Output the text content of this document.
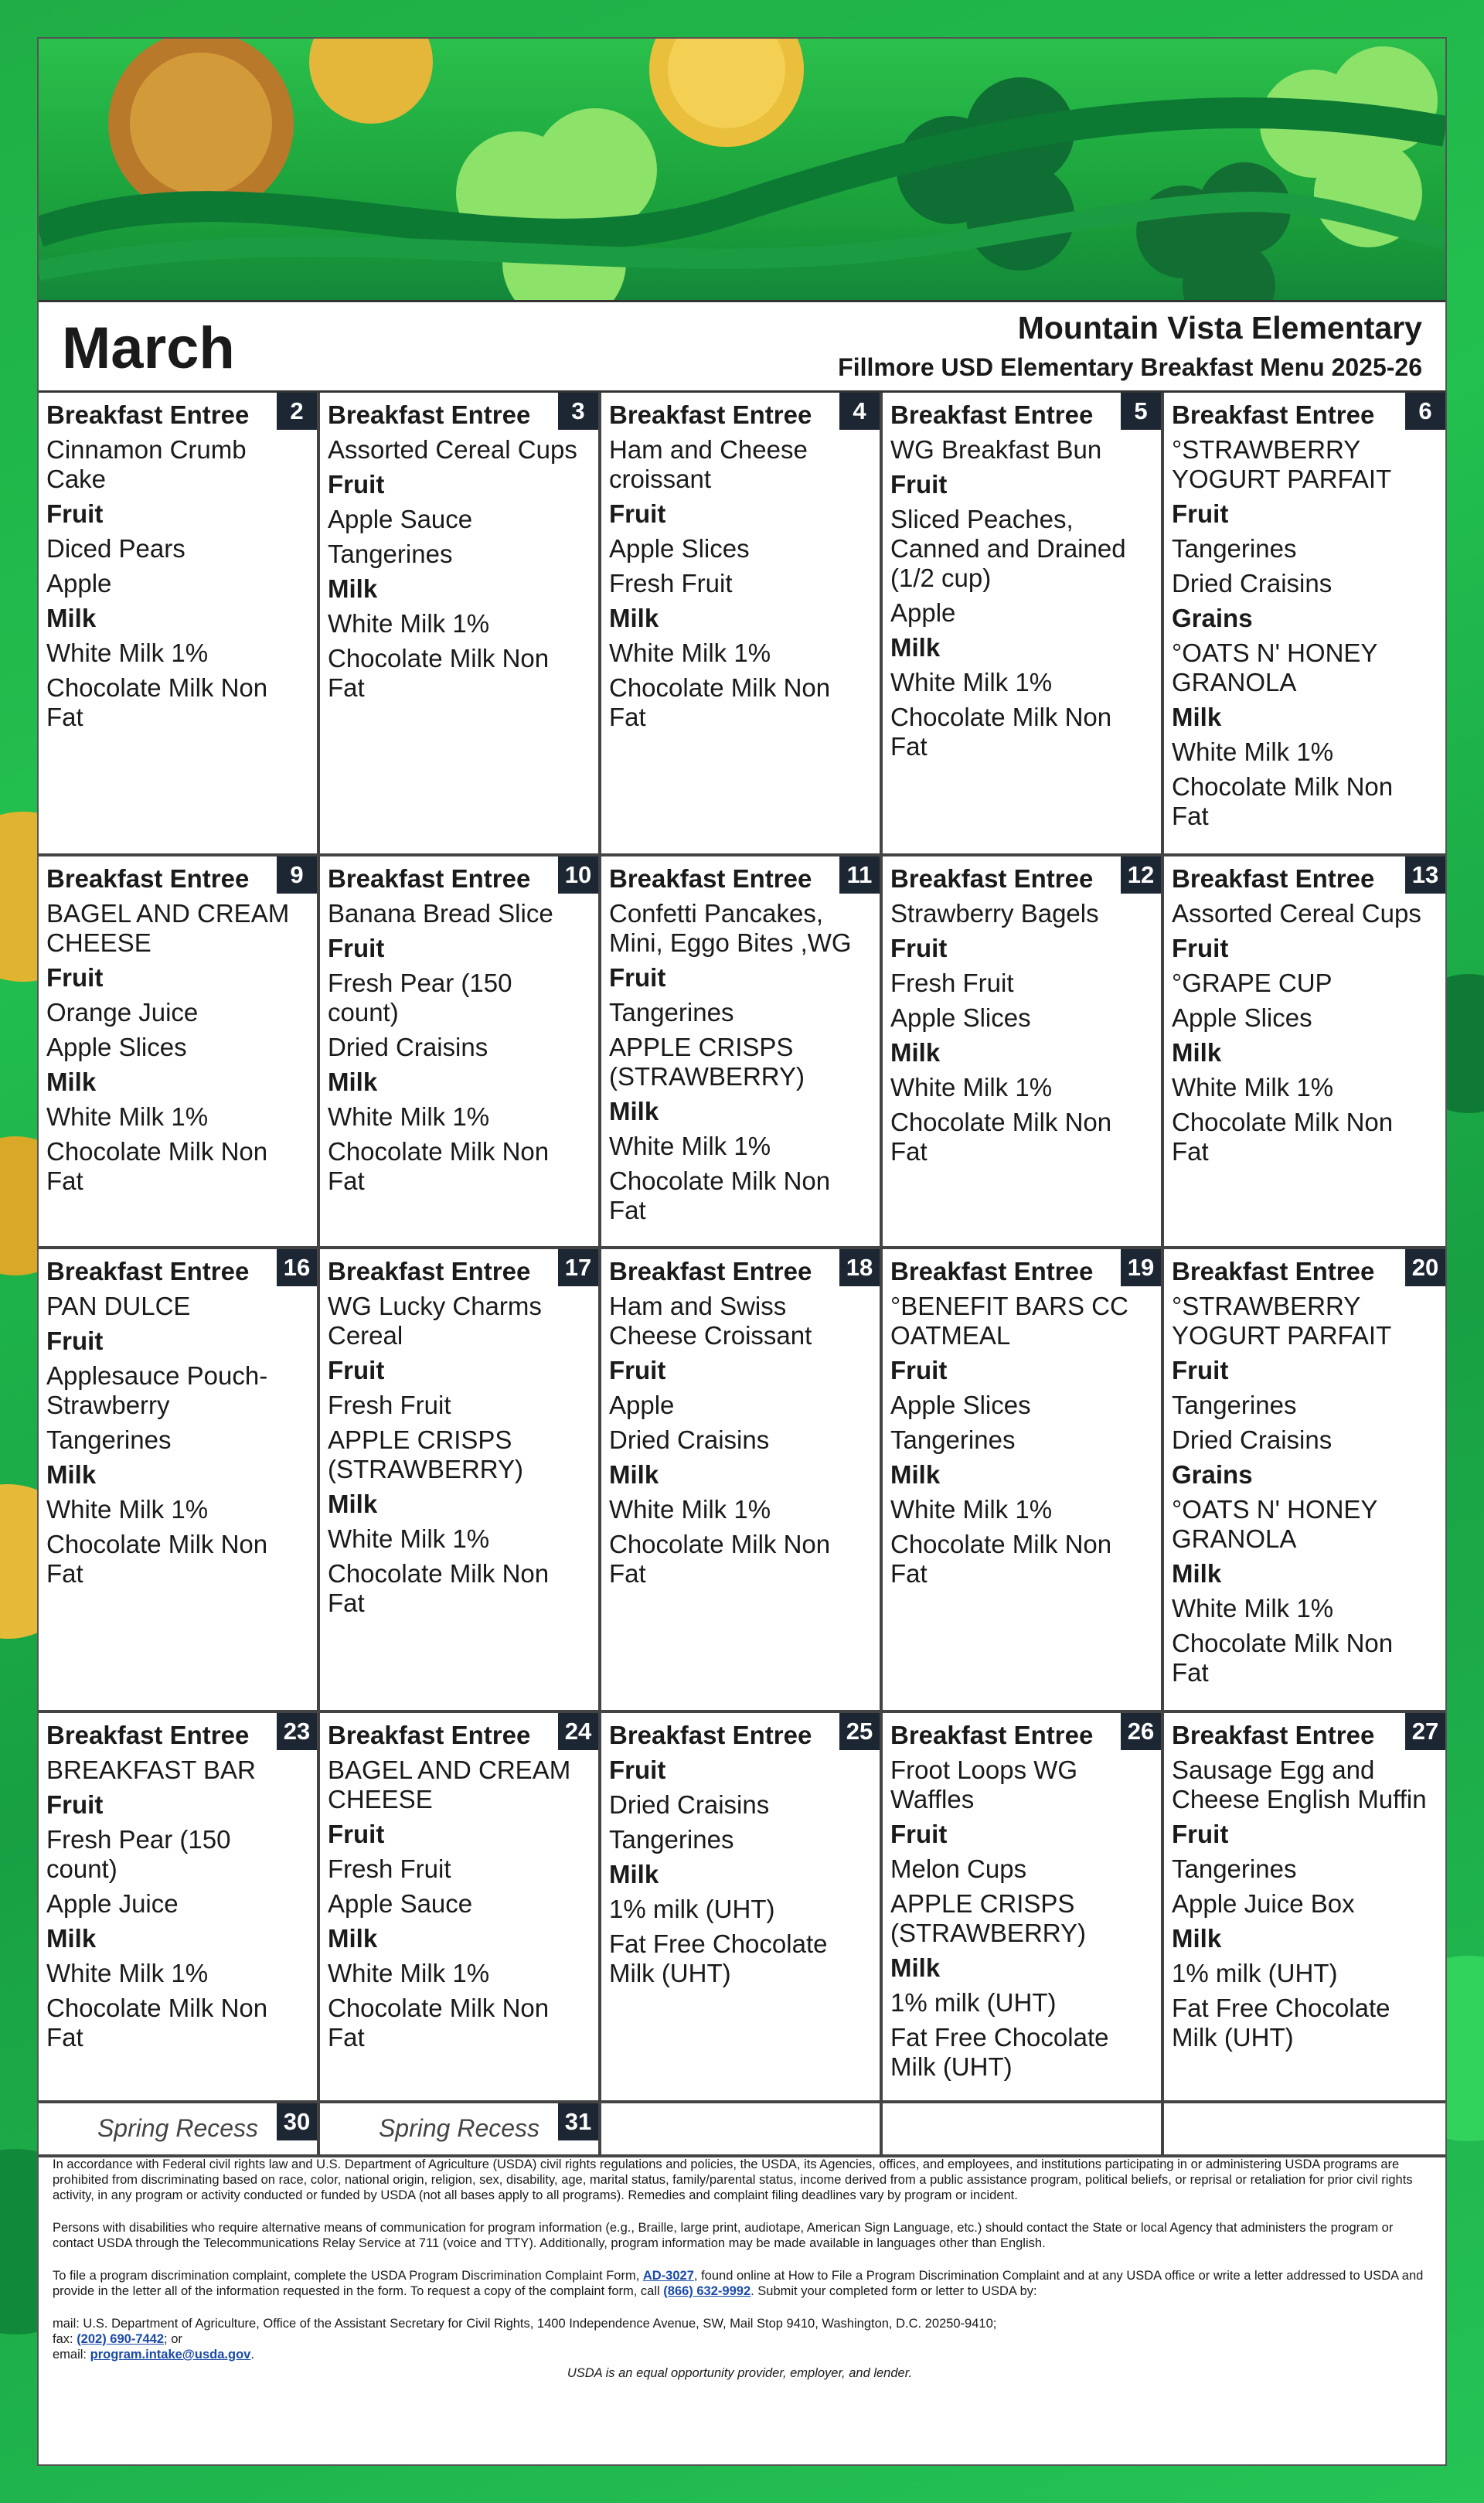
March	Mountain Vista Elementary
Fillmore USD Elementary Breakfast Menu 2025-26
2
Breakfast Entree
Cinnamon Crumb Cake
Fruit
Diced Pears
Apple
Milk
White Milk 1%
Chocolate Milk Non Fat
3
Breakfast Entree
Assorted Cereal Cups
Fruit
Apple Sauce
Tangerines
Milk
White Milk 1%
Chocolate Milk Non Fat
4
Breakfast Entree
Ham and Cheese croissant
Fruit
Apple Slices
Fresh Fruit
Milk
White Milk 1%
Chocolate Milk Non Fat
5
Breakfast Entree
WG Breakfast Bun
Fruit
Sliced Peaches, Canned and Drained (1/2 cup)
Apple
Milk
White Milk 1%
Chocolate Milk Non Fat
6
Breakfast Entree
°STRAWBERRY YOGURT PARFAIT
Fruit
Tangerines
Dried Craisins
Grains
°OATS N' HONEY GRANOLA
Milk
White Milk 1%
Chocolate Milk Non Fat
9
Breakfast Entree
BAGEL AND CREAM CHEESE
Fruit
Orange Juice
Apple Slices
Milk
White Milk 1%
Chocolate Milk Non Fat
10
Breakfast Entree
Banana Bread Slice
Fruit
Fresh Pear (150 count)
Dried Craisins
Milk
White Milk 1%
Chocolate Milk Non Fat
11
Breakfast Entree
Confetti Pancakes, Mini, Eggo Bites ,WG
Fruit
Tangerines
APPLE CRISPS (STRAWBERRY)
Milk
White Milk 1%
Chocolate Milk Non Fat
12
Breakfast Entree
Strawberry Bagels
Fruit
Fresh Fruit
Apple Slices
Milk
White Milk 1%
Chocolate Milk Non Fat
13
Breakfast Entree
Assorted Cereal Cups
Fruit
°GRAPE CUP
Apple Slices
Milk
White Milk 1%
Chocolate Milk Non Fat
16
Breakfast Entree
PAN DULCE
Fruit
Applesauce Pouch-Strawberry
Tangerines
Milk
White Milk 1%
Chocolate Milk Non Fat
17
Breakfast Entree
WG Lucky Charms Cereal
Fruit
Fresh Fruit
APPLE CRISPS (STRAWBERRY)
Milk
White Milk 1%
Chocolate Milk Non Fat
18
Breakfast Entree
Ham and Swiss Cheese Croissant
Fruit
Apple
Dried Craisins
Milk
White Milk 1%
Chocolate Milk Non Fat
19
Breakfast Entree
°BENEFIT BARS CC OATMEAL
Fruit
Apple Slices
Tangerines
Milk
White Milk 1%
Chocolate Milk Non Fat
20
Breakfast Entree
°STRAWBERRY YOGURT PARFAIT
Fruit
Tangerines
Dried Craisins
Grains
°OATS N' HONEY GRANOLA
Milk
White Milk 1%
Chocolate Milk Non Fat
23
Breakfast Entree
BREAKFAST BAR
Fruit
Fresh Pear (150 count)
Apple Juice
Milk
White Milk 1%
Chocolate Milk Non Fat
24
Breakfast Entree
BAGEL AND CREAM CHEESE
Fruit
Fresh Fruit
Apple Sauce
Milk
White Milk 1%
Chocolate Milk Non Fat
25
Breakfast Entree
Fruit
Dried Craisins
Tangerines
Milk
1% milk (UHT)
Fat Free Chocolate Milk (UHT)
26
Breakfast Entree
Froot Loops WG Waffles
Fruit
Melon Cups
APPLE CRISPS (STRAWBERRY)
Milk
1% milk (UHT)
Fat Free Chocolate Milk (UHT)
27
Breakfast Entree
Sausage Egg and Cheese English Muffin
Fruit
Tangerines
Apple Juice Box
Milk
1% milk (UHT)
Fat Free Chocolate Milk (UHT)
30
Spring Recess	31
Spring Recess

In accordance with Federal civil rights law and U.S. Department of Agriculture (USDA) civil rights regulations and policies, the USDA, its Agencies, offices, and employees, and institutions participating in or administering USDA programs are prohibited from discriminating based on race, color, national origin, religion, sex, disability, age, marital status, family/parental status, income derived from a public assistance program, political beliefs, or reprisal or retaliation for prior civil rights activity, in any program or activity conducted or funded by USDA (not all bases apply to all programs). Remedies and complaint filing deadlines vary by program or incident.

Persons with disabilities who require alternative means of communication for program information (e.g., Braille, large print, audiotape, American Sign Language, etc.) should contact the State or local Agency that administers the program or contact USDA through the Telecommunications Relay Service at 711 (voice and TTY). Additionally, program information may be made available in languages other than English.

To file a program discrimination complaint, complete the USDA Program Discrimination Complaint Form, AD-3027, found online at How to File a Program Discrimination Complaint and at any USDA office or write a letter addressed to USDA and provide in the letter all of the information requested in the form. To request a copy of the complaint form, call (866) 632-9992. Submit your completed form or letter to USDA by:

mail: U.S. Department of Agriculture, Office of the Assistant Secretary for Civil Rights, 1400 Independence Avenue, SW, Mail Stop 9410, Washington, D.C. 20250-9410;
fax: (202) 690-7442; or
email: program.intake@usda.gov.
USDA is an equal opportunity provider, employer, and lender.
